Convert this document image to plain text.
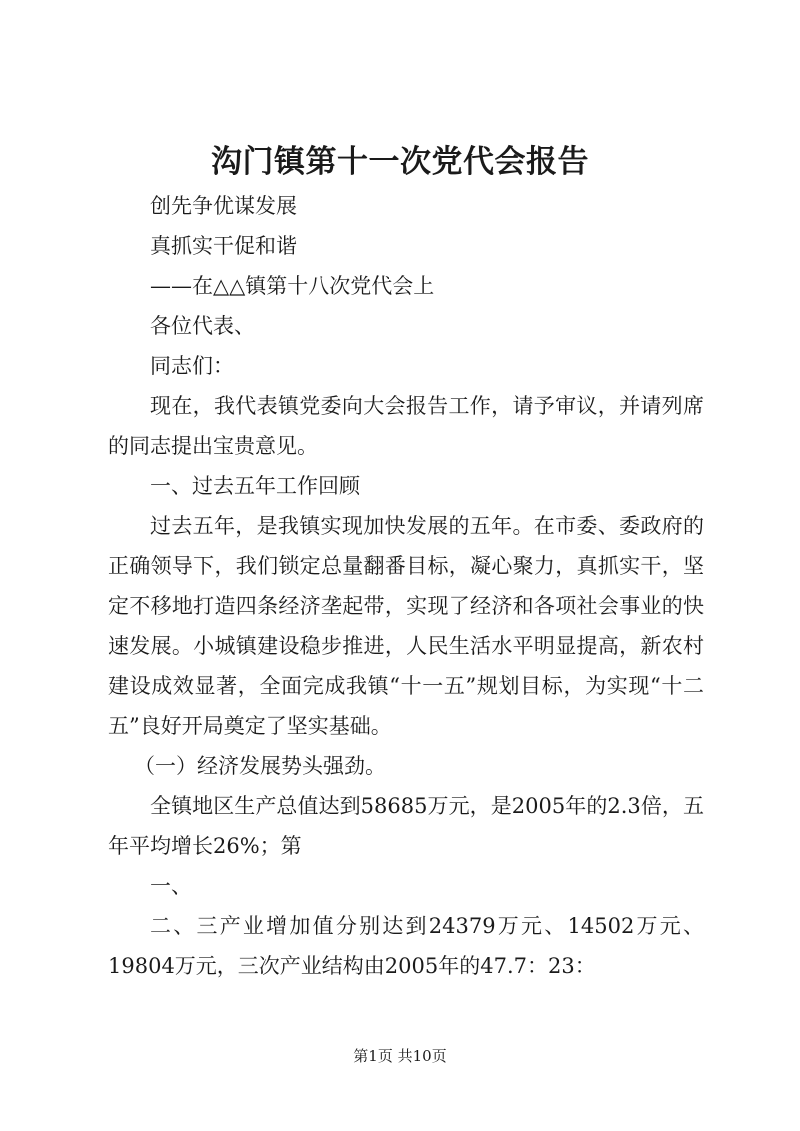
沟门镇第十一次党代会报告

创先争优谋发展

真抓实干促和谐

——在△△镇第十八次党代会上

各位代表、

同志们：

现在，我代表镇党委向大会报告工作，请予审议，并请列席的同志提出宝贵意见。

一、过去五年工作回顾

过去五年，是我镇实现加快发展的五年。在市委、委政府的正确领导下，我们锁定总量翻番目标，凝心聚力，真抓实干，坚定不移地打造四条经济垄起带，实现了经济和各项社会事业的快速发展。小城镇建设稳步推进，人民生活水平明显提高，新农村建设成效显著，全面完成我镇“十一五”规划目标，为实现“十二五”良好开局奠定了坚实基础。

（一）经济发展势头强劲。

全镇地区生产总值达到58685万元，是2005年的2.3倍，五年平均增长26%；第

一、

二、三产业增加值分别达到24379万元、14502万元、19804万元，三次产业结构由2005年的47.7：23：

第1页 共10页
